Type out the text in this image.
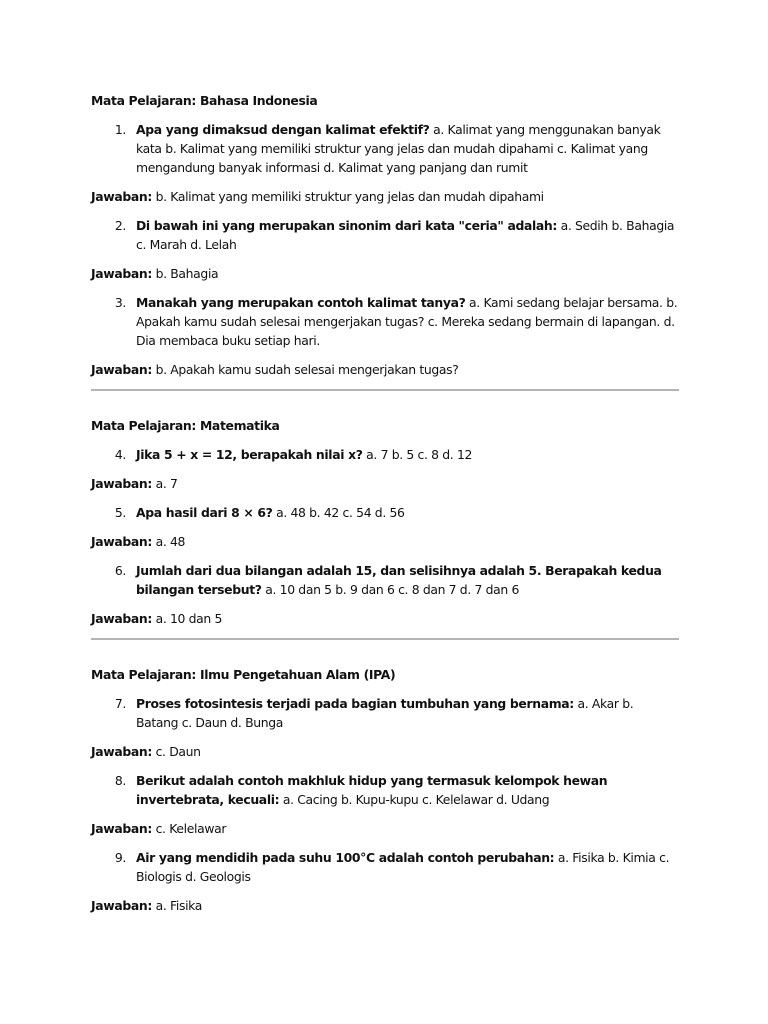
Mata Pelajaran: Bahasa Indonesia
1. Apa yang dimaksud dengan kalimat efektif? a. Kalimat yang menggunakan banyak kata b. Kalimat yang memiliki struktur yang jelas dan mudah dipahami c. Kalimat yang mengandung banyak informasi d. Kalimat yang panjang dan rumit
Jawaban: b. Kalimat yang memiliki struktur yang jelas dan mudah dipahami
2. Di bawah ini yang merupakan sinonim dari kata "ceria" adalah: a. Sedih b. Bahagia c. Marah d. Lelah
Jawaban: b. Bahagia
3. Manakah yang merupakan contoh kalimat tanya? a. Kami sedang belajar bersama. b. Apakah kamu sudah selesai mengerjakan tugas? c. Mereka sedang bermain di lapangan. d. Dia membaca buku setiap hari.
Jawaban: b. Apakah kamu sudah selesai mengerjakan tugas?
Mata Pelajaran: Matematika
4. Jika 5 + x = 12, berapakah nilai x? a. 7 b. 5 c. 8 d. 12
Jawaban: a. 7
5. Apa hasil dari 8 × 6? a. 48 b. 42 c. 54 d. 56
Jawaban: a. 48
6. Jumlah dari dua bilangan adalah 15, dan selisihnya adalah 5. Berapakah kedua bilangan tersebut? a. 10 dan 5 b. 9 dan 6 c. 8 dan 7 d. 7 dan 6
Jawaban: a. 10 dan 5
Mata Pelajaran: Ilmu Pengetahuan Alam (IPA)
7. Proses fotosintesis terjadi pada bagian tumbuhan yang bernama: a. Akar b. Batang c. Daun d. Bunga
Jawaban: c. Daun
8. Berikut adalah contoh makhluk hidup yang termasuk kelompok hewan invertebrata, kecuali: a. Cacing b. Kupu-kupu c. Kelelawar d. Udang
Jawaban: c. Kelelawar
9. Air yang mendidih pada suhu 100°C adalah contoh perubahan: a. Fisika b. Kimia c. Biologis d. Geologis
Jawaban: a. Fisika
